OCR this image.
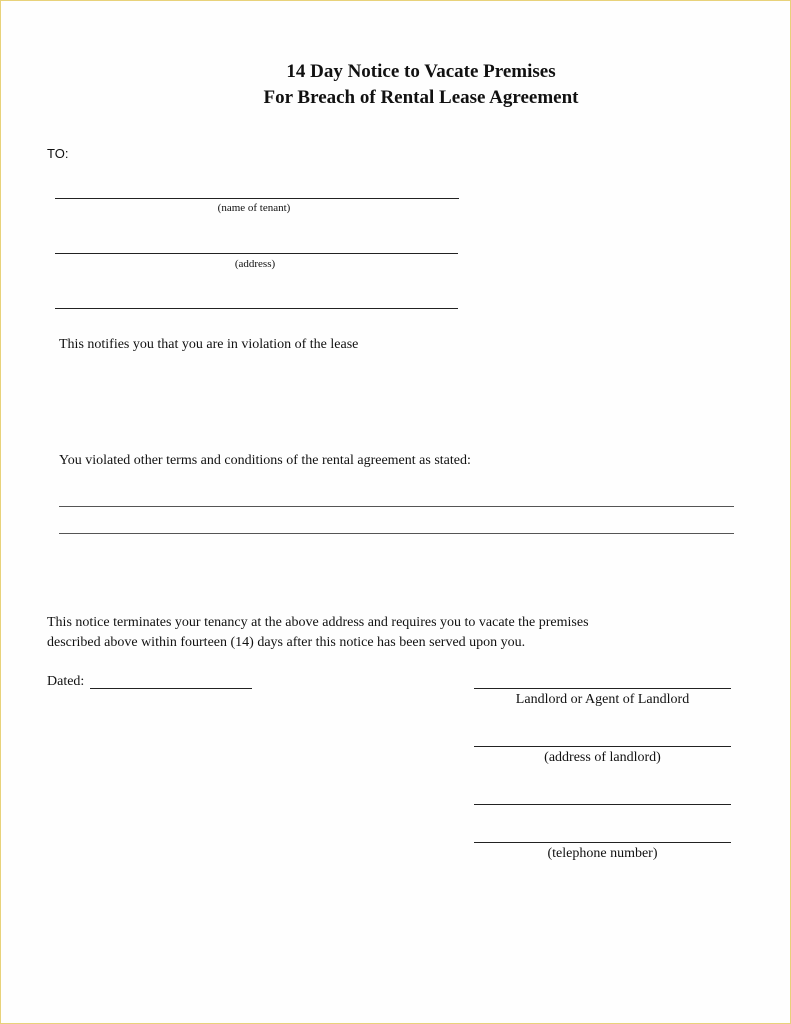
14 Day Notice to Vacate Premises
For Breach of Rental Lease Agreement
TO:
(name of tenant)
(address)
This notifies you that you are in violation of the lease
You violated other terms and conditions of the rental agreement as stated:
This notice terminates your tenancy at the above address and requires you to vacate the premises
described above within fourteen (14) days after this notice has been served upon you.
Dated:
Landlord or Agent of Landlord
(address of landlord)
(telephone number)
